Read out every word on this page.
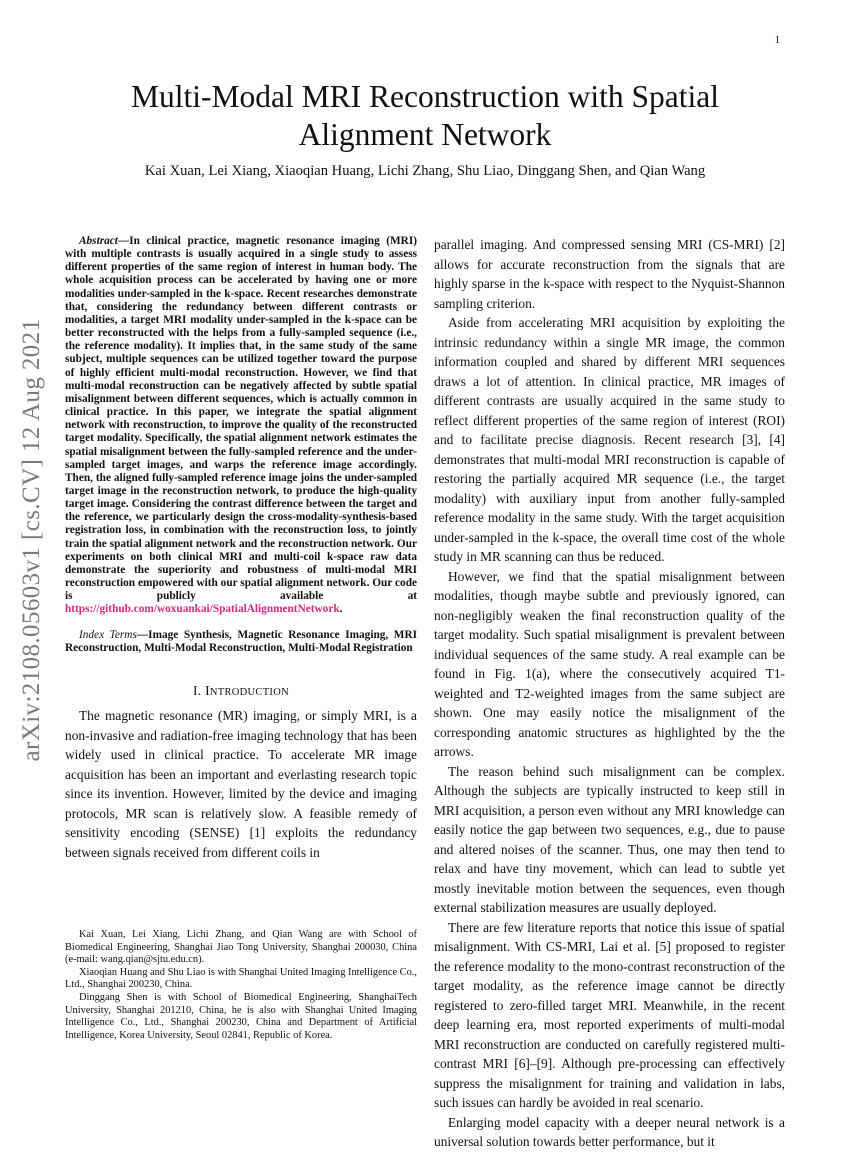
1
arXiv:2108.05603v1 [cs.CV] 12 Aug 2021
Multi-Modal MRI Reconstruction with Spatial
Alignment Network
Kai Xuan, Lei Xiang, Xiaoqian Huang, Lichi Zhang, Shu Liao, Dinggang Shen, and Qian Wang

Abstract—In clinical practice, magnetic resonance imaging (MRI) with multiple contrasts is usually acquired in a single study to assess different properties of the same region of interest in human body. The whole acquisition process can be accelerated by having one or more modalities under-sampled in the k-space. Recent researches demonstrate that, considering the redundancy between different contrasts or modalities, a target MRI modality under-sampled in the k-space can be better reconstructed with the helps from a fully-sampled sequence (i.e., the reference modality). It implies that, in the same study of the same subject, multiple sequences can be utilized together toward the purpose of highly efficient multi-modal reconstruction. However, we find that multi-modal reconstruction can be negatively affected by subtle spatial misalignment between different sequences, which is actually common in clinical practice. In this paper, we integrate the spatial alignment network with reconstruction, to improve the quality of the reconstructed target modality. Specifically, the spatial alignment network estimates the spatial misalignment between the fully-sampled reference and the under-sampled target images, and warps the reference image accordingly. Then, the aligned fully-sampled reference image joins the under-sampled target image in the reconstruction network, to produce the high-quality target image. Considering the contrast difference between the target and the reference, we particularly design the cross-modality-synthesis-based registration loss, in combination with the reconstruction loss, to jointly train the spatial alignment network and the reconstruction network. Our experiments on both clinical MRI and multi-coil k-space raw data demonstrate the superiority and robustness of multi-modal MRI reconstruction empowered with our spatial alignment network. Our code is publicly available at https://github.com/woxuankai/SpatialAlignmentNetwork.

Index Terms—Image Synthesis, Magnetic Resonance Imaging, MRI Reconstruction, Multi-Modal Reconstruction, Multi-Modal Registration

I. INTRODUCTION

The magnetic resonance (MR) imaging, or simply MRI, is a non-invasive and radiation-free imaging technology that has been widely used in clinical practice. To accelerate MR image acquisition has been an important and everlasting research topic since its invention. However, limited by the device and imaging protocols, MR scan is relatively slow. A feasible remedy of sensitivity encoding (SENSE) [1] exploits the redundancy between signals received from different coils in

Kai Xuan, Lei Xiang, Lichi Zhang, and Qian Wang are with School of Biomedical Engineering, Shanghai Jiao Tong University, Shanghai 200030, China (e-mail: wang.qian@sjtu.edu.cn).

Xiaoqian Huang and Shu Liao is with Shanghai United Imaging Intelligence Co., Ltd., Shanghai 200230, China.

Dinggang Shen is with School of Biomedical Engineering, ShanghaiTech University, Shanghai 201210, China, he is also with Shanghai United Imaging Intelligence Co., Ltd., Shanghai 200230, China and Department of Artificial Intelligence, Korea University, Seoul 02841, Republic of Korea.

parallel imaging. And compressed sensing MRI (CS-MRI) [2] allows for accurate reconstruction from the signals that are highly sparse in the k-space with respect to the Nyquist-Shannon sampling criterion.

Aside from accelerating MRI acquisition by exploiting the intrinsic redundancy within a single MR image, the common information coupled and shared by different MRI sequences draws a lot of attention. In clinical practice, MR images of different contrasts are usually acquired in the same study to reflect different properties of the same region of interest (ROI) and to facilitate precise diagnosis. Recent research [3], [4] demonstrates that multi-modal MRI reconstruction is capable of restoring the partially acquired MR sequence (i.e., the target modality) with auxiliary input from another fully-sampled reference modality in the same study. With the target acquisition under-sampled in the k-space, the overall time cost of the whole study in MR scanning can thus be reduced.

However, we find that the spatial misalignment between modalities, though maybe subtle and previously ignored, can non-negligibly weaken the final reconstruction quality of the target modality. Such spatial misalignment is prevalent between individual sequences of the same study. A real example can be found in Fig. 1(a), where the consecutively acquired T1-weighted and T2-weighted images from the same subject are shown. One may easily notice the misalignment of the corresponding anatomic structures as highlighted by the the arrows.

The reason behind such misalignment can be complex. Although the subjects are typically instructed to keep still in MRI acquisition, a person even without any MRI knowledge can easily notice the gap between two sequences, e.g., due to pause and altered noises of the scanner. Thus, one may then tend to relax and have tiny movement, which can lead to subtle yet mostly inevitable motion between the sequences, even though external stabilization measures are usually deployed.

There are few literature reports that notice this issue of spatial misalignment. With CS-MRI, Lai et al. [5] proposed to register the reference modality to the mono-contrast reconstruction of the target modality, as the reference image cannot be directly registered to zero-filled target MRI. Meanwhile, in the recent deep learning era, most reported experiments of multi-modal MRI reconstruction are conducted on carefully registered multi-contrast MRI [6]–[9]. Although pre-processing can effectively suppress the misalignment for training and validation in labs, such issues can hardly be avoided in real scenario.

Enlarging model capacity with a deeper neural network is a universal solution towards better performance, but it
